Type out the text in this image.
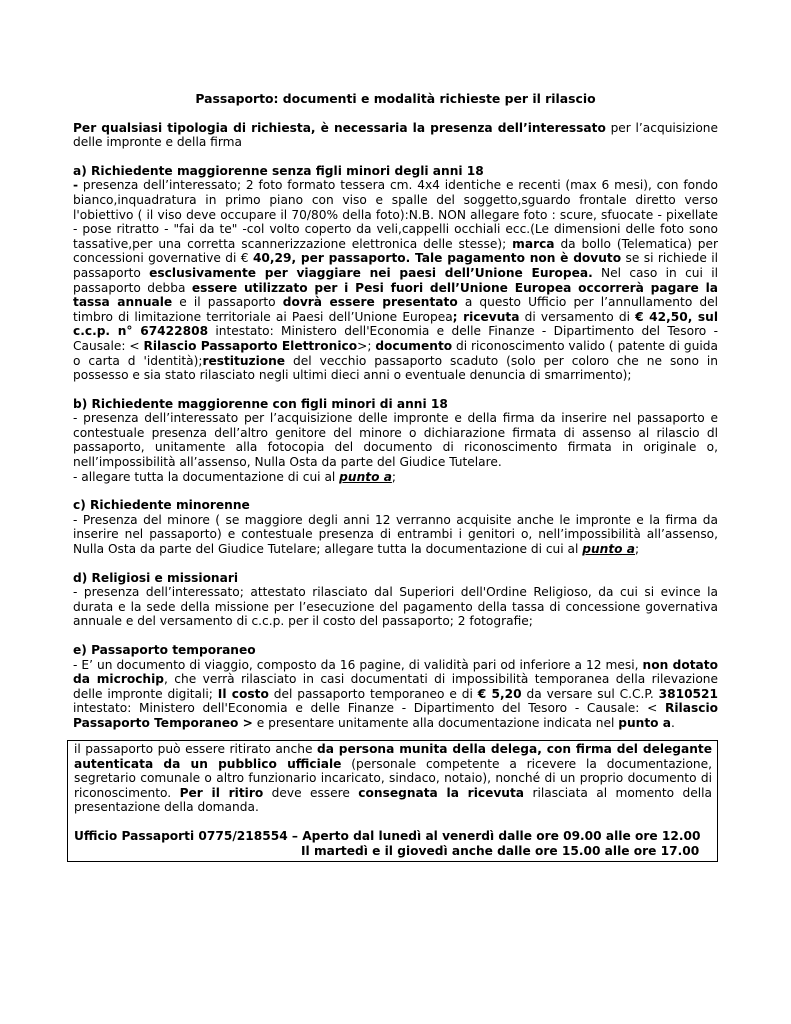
Passaporto: documenti e modalità richieste per il rilascio

Per qualsiasi tipologia di richiesta, è necessaria la presenza dell’interessato per l’acquisizione delle impronte e della firma

a) Richiedente maggiorenne senza figli minori degli anni 18

- presenza dell’interessato; 2 foto formato tessera cm. 4x4 identiche e recenti (max 6 mesi), con fondo bianco,inquadratura in primo piano con viso e spalle del soggetto,sguardo frontale diretto verso l'obiettivo ( il viso deve occupare il 70/80% della foto):N.B. NON allegare foto : scure, sfuocate - pixellate - pose ritratto - "fai da te" -col volto coperto da veli,cappelli occhiali ecc.(Le dimensioni delle foto sono tassative,per una corretta scannerizzazione elettronica delle stesse); marca da bollo (Telematica) per concessioni governative di € 40,29, per passaporto. Tale pagamento non è dovuto se si richiede il passaporto esclusivamente per viaggiare nei paesi dell’Unione Europea. Nel caso in cui il passaporto debba essere utilizzato per i Pesi fuori dell’Unione Europea occorrerà pagare la tassa annuale e il passaporto dovrà essere presentato a questo Ufficio per l’annullamento del timbro di limitazione territoriale ai Paesi dell’Unione Europea; ricevuta di versamento di € 42,50, sul c.c.p. n° 67422808 intestato: Ministero dell'Economia e delle Finanze - Dipartimento del Tesoro - Causale: < Rilascio Passaporto Elettronico>; documento di riconoscimento valido ( patente di guida o carta d 'identità);restituzione del vecchio passaporto scaduto (solo per coloro che ne sono in possesso e sia stato rilasciato negli ultimi dieci anni o eventuale denuncia di smarrimento);

b) Richiedente maggiorenne con figli minori di anni 18

- presenza dell’interessato per l’acquisizione delle impronte e della firma da inserire nel passaporto e contestuale presenza dell’altro genitore del minore o dichiarazione firmata di assenso al rilascio dl passaporto, unitamente alla fotocopia del documento di riconoscimento firmata in originale o, nell’impossibilità all’assenso, Nulla Osta da parte del Giudice Tutelare.

- allegare tutta la documentazione di cui al punto a;

c) Richiedente minorenne

- Presenza del minore ( se maggiore degli anni 12 verranno acquisite anche le impronte e la firma da inserire nel passaporto) e contestuale presenza di entrambi i genitori o, nell’impossibilità all’assenso, Nulla Osta da parte del Giudice Tutelare; allegare tutta la documentazione di cui al punto a;

d) Religiosi e missionari

- presenza dell’interessato; attestato rilasciato dal Superiori dell'Ordine Religioso, da cui si evince la durata e la sede della missione per l’esecuzione del pagamento della tassa di concessione governativa annuale e del versamento di c.c.p. per il costo del passaporto; 2 fotografie;

e) Passaporto temporaneo

- E’ un documento di viaggio, composto da 16 pagine, di validità pari od inferiore a 12 mesi, non dotato da microchip, che verrà rilasciato in casi documentati di impossibilità temporanea della rilevazione delle impronte digitali; Il costo del passaporto temporaneo e di € 5,20 da versare sul C.C.P. 3810521 intestato: Ministero dell'Economia e delle Finanze - Dipartimento del Tesoro - Causale: < Rilascio Passaporto Temporaneo > e presentare unitamente alla documentazione indicata nel punto a.

il passaporto può essere ritirato anche da persona munita della delega, con firma del delegante autenticata da un pubblico ufficiale (personale competente a ricevere la documentazione, segretario comunale o altro funzionario incaricato, sindaco, notaio), nonché di un proprio documento di riconoscimento. Per il ritiro deve essere consegnata la ricevuta rilasciata al momento della presentazione della domanda.

Ufficio Passaporti 0775/218554 – Aperto dal lunedì al venerdì dalle ore 09.00 alle ore 12.00

Il martedì e il giovedì anche dalle ore 15.00 alle ore 17.00
